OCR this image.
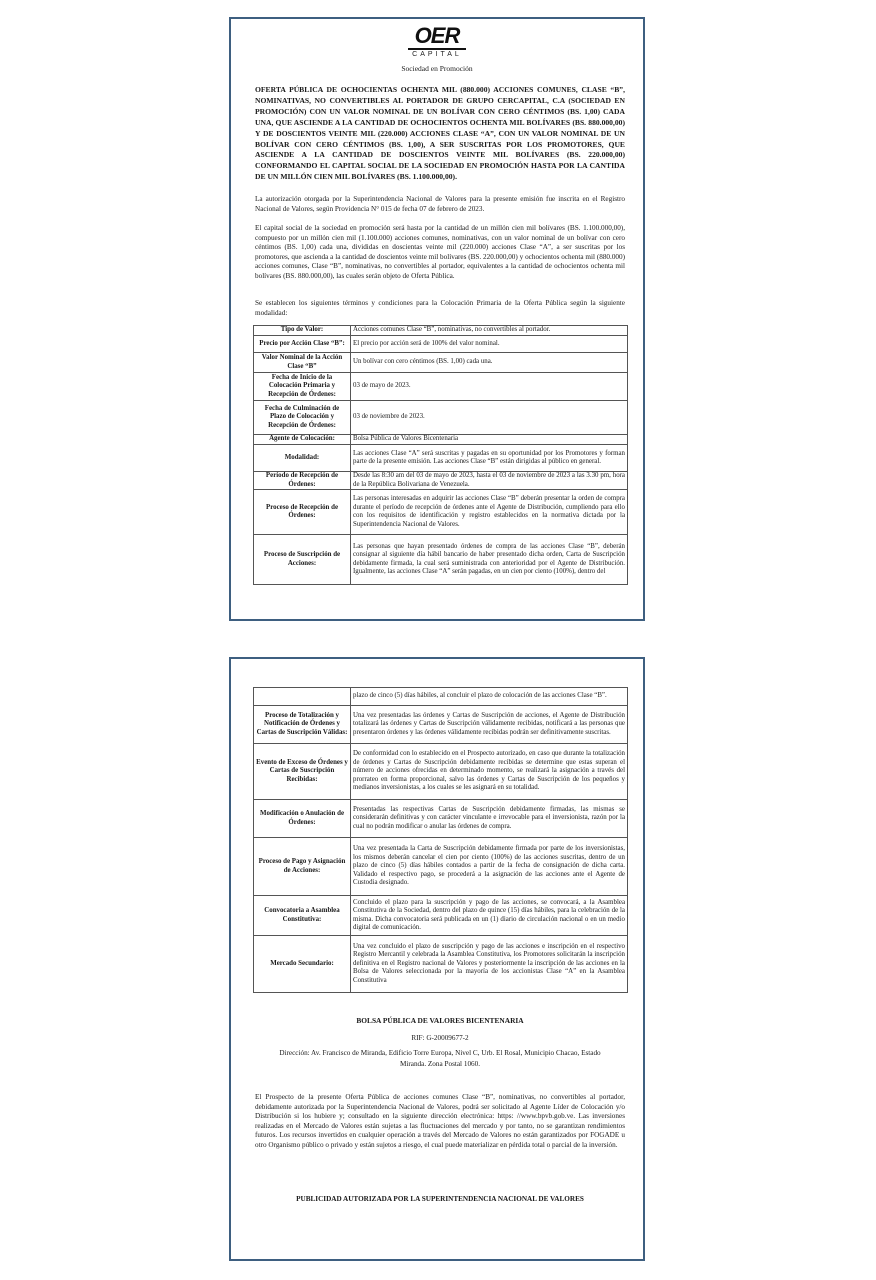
OER
CAPITAL
Sociedad en Promoción

OFERTA PÚBLICA DE OCHOCIENTAS OCHENTA MIL (880.000) ACCIONES COMUNES, CLASE “B”, NOMINATIVAS, NO CONVERTIBLES AL PORTADOR DE GRUPO CERCAPITAL, C.A (SOCIEDAD EN PROMOCIÓN) CON UN VALOR NOMINAL DE UN BOLÍVAR CON CERO CÉNTIMOS (BS. 1,00) CADA UNA, QUE ASCIENDE A LA CANTIDAD DE OCHOCIENTOS OCHENTA MIL BOLÍVARES (BS. 880.000,00) Y DE DOSCIENTOS VEINTE MIL (220.000) ACCIONES CLASE “A”, CON UN VALOR NOMINAL DE UN BOLÍVAR CON CERO CÉNTIMOS (BS. 1,00), A SER SUSCRITAS POR LOS PROMOTORES, QUE ASCIENDE A LA CANTIDAD DE DOSCIENTOS VEINTE MIL BOLÍVARES (BS. 220.000,00) CONFORMANDO EL CAPITAL SOCIAL DE LA SOCIEDAD EN PROMOCIÓN HASTA POR LA CANTIDA DE UN MILLÓN CIEN MIL BOLÍVARES (BS. 1.100.000,00).

La autorización otorgada por la Superintendencia Nacional de Valores para la presente emisión fue inscrita en el Registro Nacional de Valores, según Providencia N° 015 de fecha 07 de febrero de 2023.

El capital social de la sociedad en promoción será hasta por la cantidad de un millón cien mil bolívares (BS. 1.100.000,00), compuesto por un millón cien mil (1.100.000) acciones comunes, nominativas, con un valor nominal de un bolívar con cero céntimos (BS. 1,00) cada una, divididas en doscientas veinte mil (220.000) acciones Clase “A”, a ser suscritas por los promotores, que ascienda a la cantidad de doscientos veinte mil bolívares (BS. 220.000,00) y ochocientos ochenta mil (880.000) acciones comunes, Clase “B”, nominativas, no convertibles al portador, equivalentes a la cantidad de ochocientos ochenta mil bolívares (BS. 880.000,00), las cuales serán objeto de Oferta Pública.

Se establecen los siguientes términos y condiciones para la Colocación Primaria de la Oferta Pública según la siguiente modalidad:

Tipo de Valor:	Acciones comunes Clase “B”, nominativas, no convertibles al portador.
Precio por Acción Clase “B”:	El precio por acción será de 100% del valor nominal.
Valor Nominal de la Acción Clase “B”	Un bolívar con cero céntimos (BS. 1,00) cada una.
Fecha de Inicio de la Colocación Primaria y Recepción de Órdenes:	03 de mayo de 2023.
Fecha de Culminación de Plazo de Colocación y Recepción de Órdenes:	03 de noviembre de 2023.
Agente de Colocación:	Bolsa Pública de Valores Bicentenaria
Modalidad:	Las acciones Clase “A” será suscritas y pagadas en su oportunidad por los Promotores y forman parte de la presente emisión. Las acciones Clase “B” están dirigidas al público en general.
Período de Recepción de Órdenes:	Desde las 8:30 am del 03 de mayo de 2023, hasta el 03 de noviembre de 2023 a las 3.30 pm, hora de la República Bolivariana de Venezuela.
Proceso de Recepción de Órdenes:	Las personas interesadas en adquirir las acciones Clase “B” deberán presentar la orden de compra durante el período de recepción de órdenes ante el Agente de Distribución, cumpliendo para ello con los requisitos de identificación y registro establecidos en la normativa dictada por la Superintendencia Nacional de Valores.
Proceso de Suscripción de Acciones:	Las personas que hayan presentado órdenes de compra de las acciones Clase “B”, deberán consignar al siguiente día hábil bancario de haber presentado dicha orden, Carta de Suscripción debidamente firmada, la cual será suministrada con anterioridad por el Agente de Distribución. Igualmente, las acciones Clase “A” serán pagadas, en un cien por ciento (100%), dentro del
	plazo de cinco (5) días hábiles, al concluir el plazo de colocación de las acciones Clase “B”.
Proceso de Totalización y Notificación de Órdenes y Cartas de Suscripción Válidas:	Una vez presentadas las órdenes y Cartas de Suscripción de acciones, el Agente de Distribución totalizará las órdenes y Cartas de Suscripción válidamente recibidas, notificará a las personas que presentaron órdenes y las órdenes válidamente recibidas podrán ser definitivamente suscritas.
Evento de Exceso de Órdenes y Cartas de Suscripción Recibidas:	De conformidad con lo establecido en el Prospecto autorizado, en caso que durante la totalización de órdenes y Cartas de Suscripción debidamente recibidas se determine que estas superan el número de acciones ofrecidas en determinado momento, se realizará la asignación a través del prorrateo en forma proporcional, salvo las órdenes y Cartas de Suscripción de los pequeños y medianos inversionistas, a los cuales se les asignará en su totalidad.
Modificación o Anulación de Órdenes:	Presentadas las respectivas Cartas de Suscripción debidamente firmadas, las mismas se considerarán definitivas y con carácter vinculante e irrevocable para el inversionista, razón por la cual no podrán modificar o anular las órdenes de compra.
Proceso de Pago y Asignación de Acciones:	Una vez presentada la Carta de Suscripción debidamente firmada por parte de los inversionistas, los mismos deberán cancelar el cien por ciento (100%) de las acciones suscritas, dentro de un plazo de cinco (5) días hábiles contados a partir de la fecha de consignación de dicha carta. Validado el respectivo pago, se procederá a la asignación de las acciones ante el Agente de Custodia designado.
Convocatoria a Asamblea Constitutiva:	Concluido el plazo para la suscripción y pago de las acciones, se convocará, a la Asamblea Constitutiva de la Sociedad, dentro del plazo de quince (15) días hábiles, para la celebración de la misma. Dicha convocatoria será publicada en un (1) diario de circulación nacional o en un medio digital de comunicación.
Mercado Secundario:	Una vez concluido el plazo de suscripción y pago de las acciones e inscripción en el respectivo Registro Mercantil y celebrada la Asamblea Constitutiva, los Promotores solicitarán la inscripción definitiva en el Registro nacional de Valores y posteriormente la inscripción de las acciones en la Bolsa de Valores seleccionada por la mayoría de los accionistas Clase “A” en la Asamblea Constitutiva
BOLSA PÚBLICA DE VALORES BICENTENARIA
RIF: G-20009677-2
Dirección: Av. Francisco de Miranda, Edificio Torre Europa, Nivel C, Urb. El Rosal, Municipio Chacao, Estado Miranda. Zona Postal 1060.

El Prospecto de la presente Oferta Pública de acciones comunes Clase “B”, nominativas, no convertibles al portador, debidamente autorizada por la Superintendencia Nacional de Valores, podrá ser solicitado al Agente Líder de Colocación y/o Distribución si los hubiere y; consultado en la siguiente dirección electrónica: https: //www.bpvb.gob.ve. Las inversiones realizadas en el Mercado de Valores están sujetas a las fluctuaciones del mercado y por tanto, no se garantizan rendimientos futuros. Los recursos invertidos en cualquier operación a través del Mercado de Valores no están garantizados por FOGADE u otro Organismo público o privado y están sujetos a riesgo, el cual puede materializar en pérdida total o parcial de la inversión.

PUBLICIDAD AUTORIZADA POR LA SUPERINTENDENCIA NACIONAL DE VALORES
